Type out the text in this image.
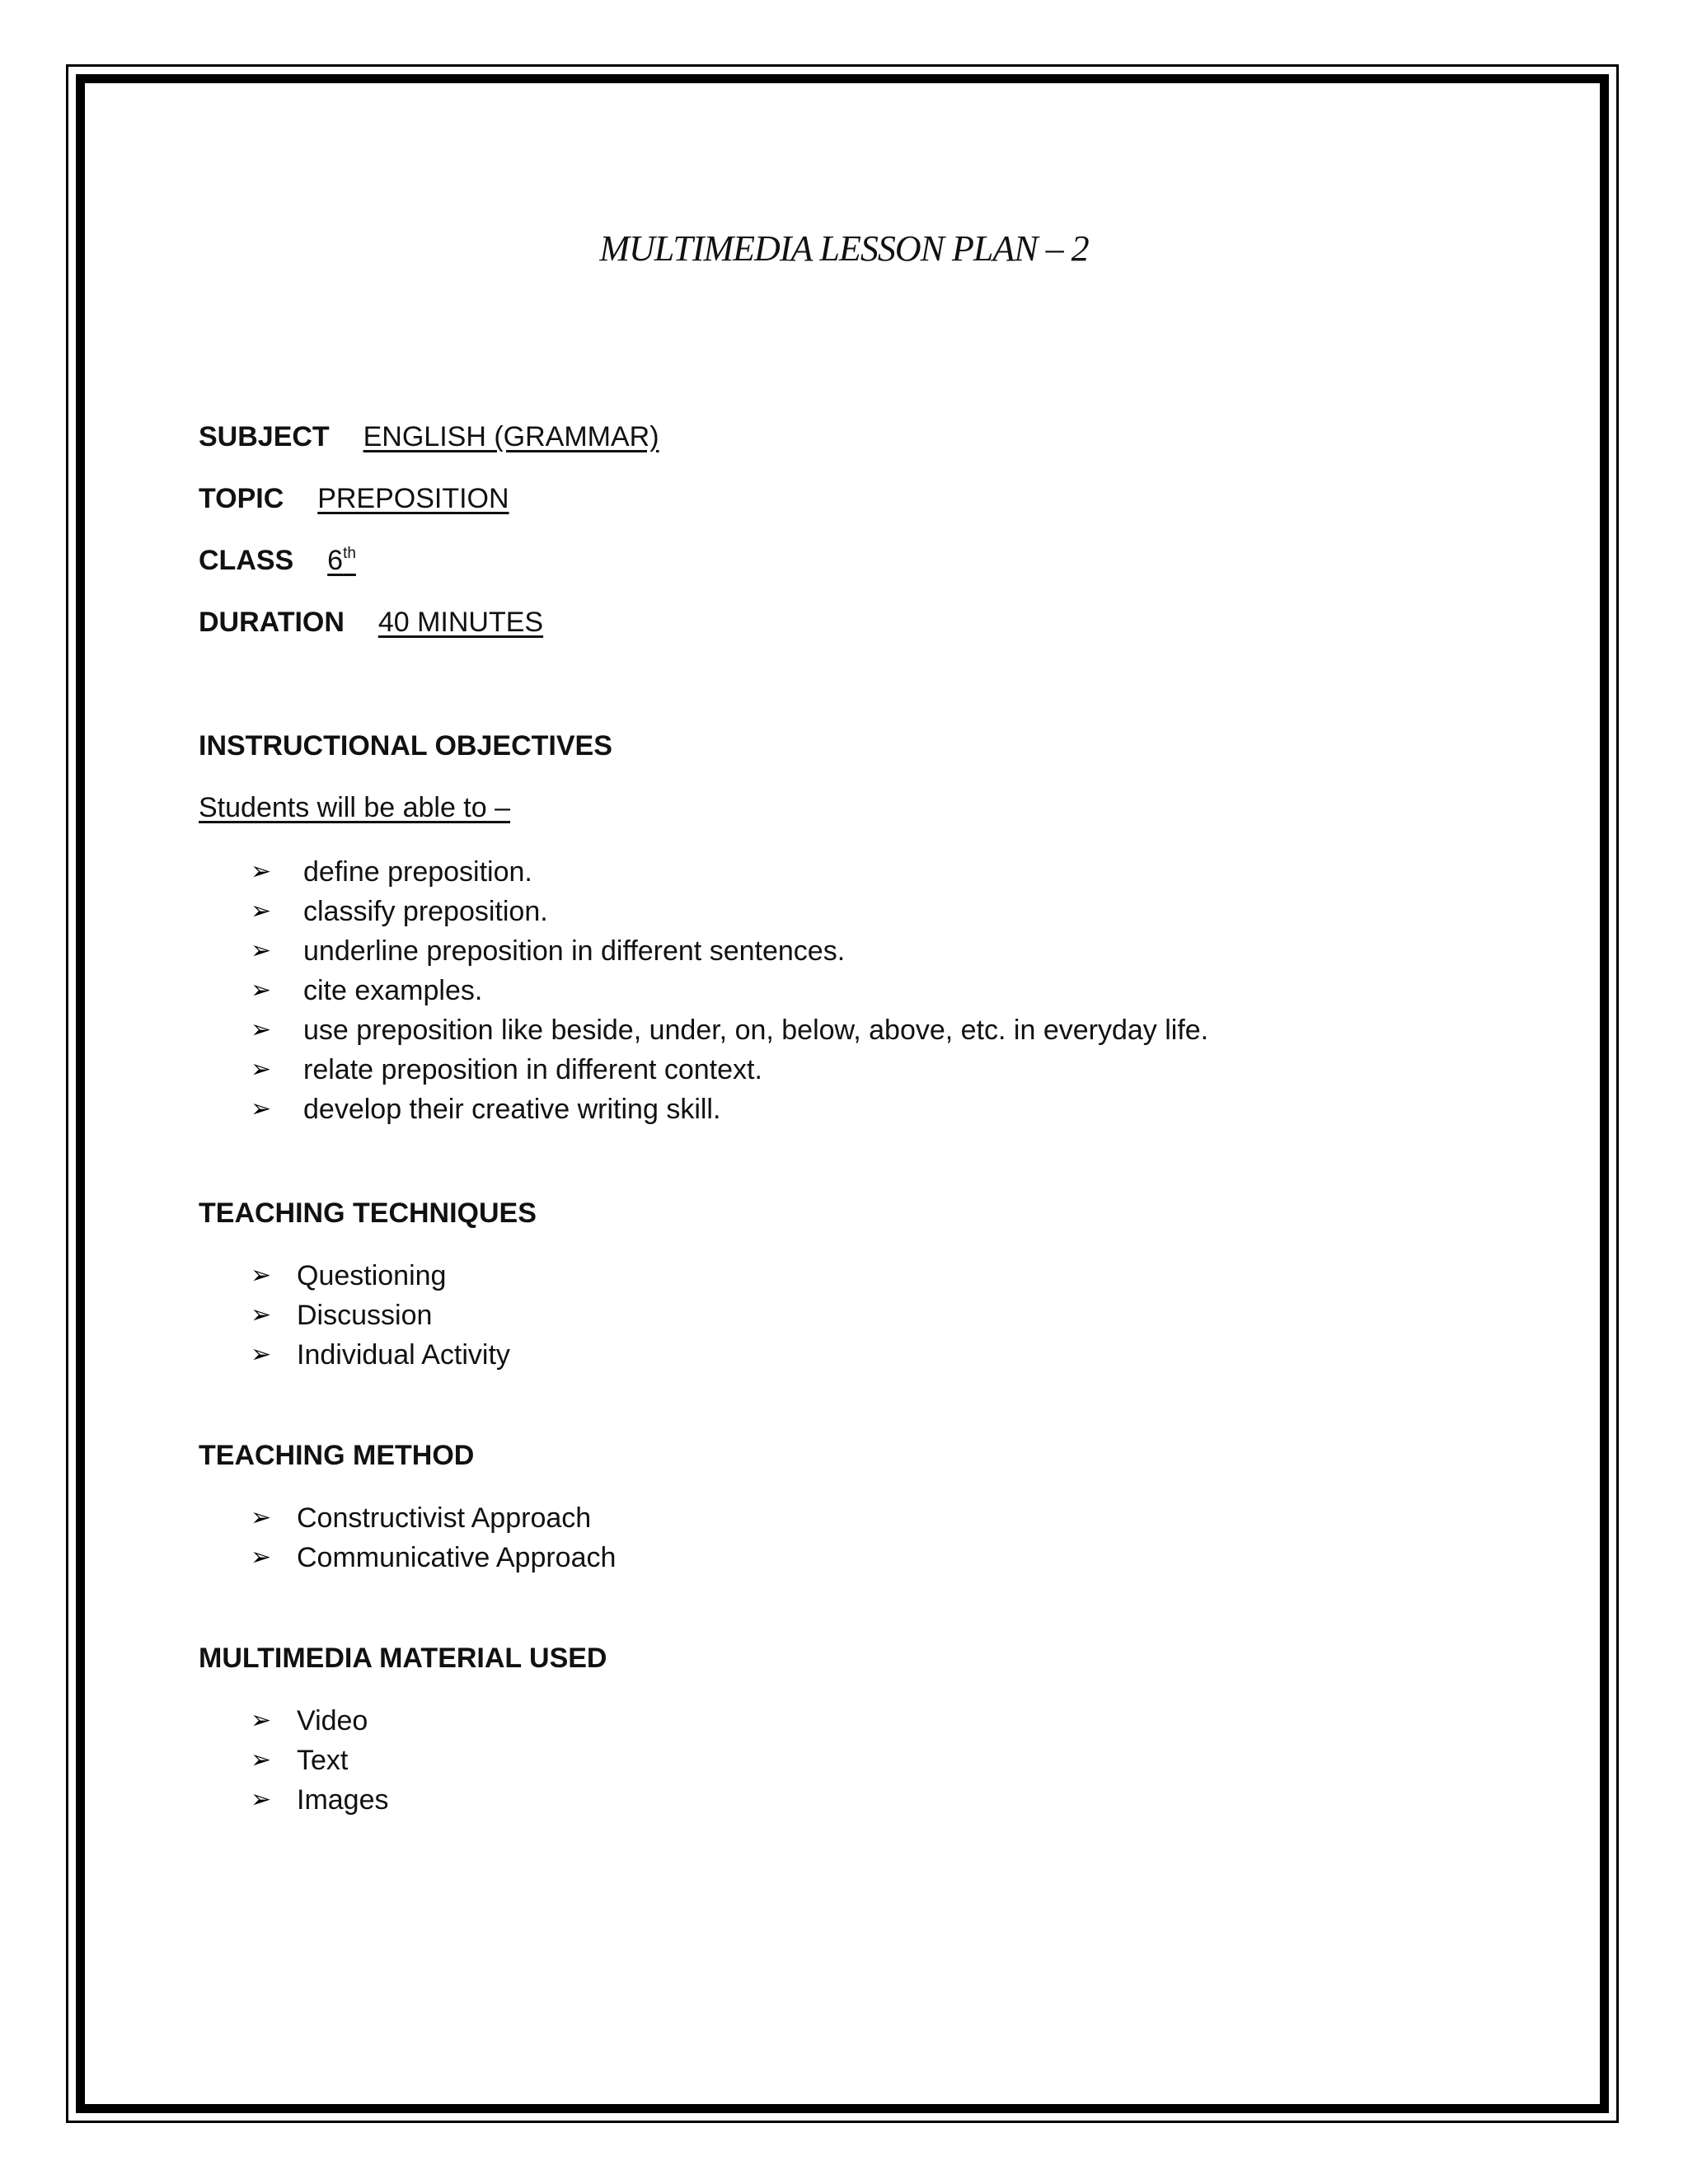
MULTIMEDIA LESSON PLAN – 2
SUBJECT ENGLISH (GRAMMAR)
TOPIC PREPOSITION
CLASS 6th
DURATION 40 MINUTES
INSTRUCTIONAL OBJECTIVES
Students will be able to –
➢ define preposition.
➢ classify preposition.
➢ underline preposition in different sentences.
➢ cite examples.
➢ use preposition like beside, under, on, below, above, etc. in everyday life.
➢ relate preposition in different context.
➢ develop their creative writing skill.
TEACHING TECHNIQUES
➢ Questioning
➢ Discussion
➢ Individual Activity
TEACHING METHOD
➢ Constructivist Approach
➢ Communicative Approach
MULTIMEDIA MATERIAL USED
➢ Video
➢ Text
➢ Images
